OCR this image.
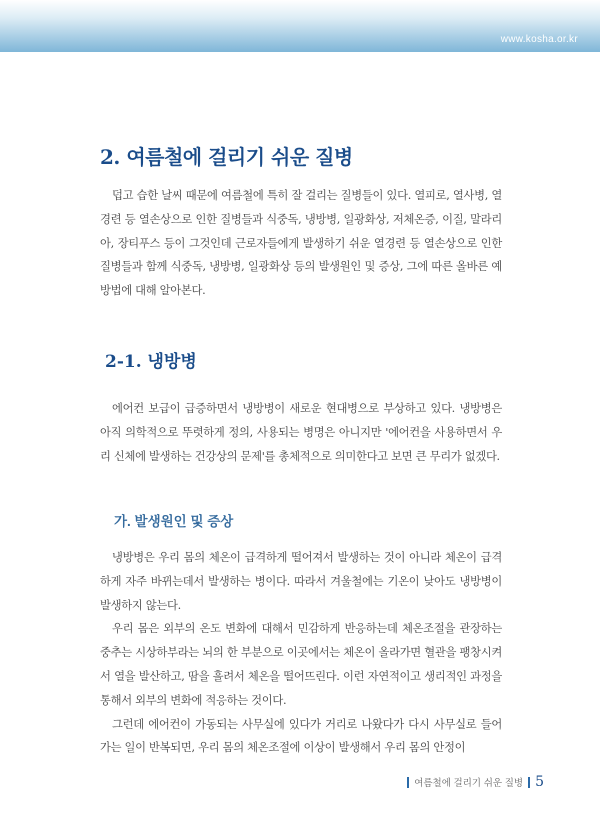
www.kosha.or.kr
2. 여름철에 걸리기 쉬운 질병

덥고 습한 날씨 때문에 여름철에 특히 잘 걸리는 질병들이 있다. 열피로, 열사병, 열경련 등 열손상으로 인한 질병들과 식중독, 냉방병, 일광화상, 저체온증, 이질, 말라리아, 장티푸스 등이 그것인데 근로자들에게 발생하기 쉬운 열경련 등 열손상으로 인한 질병들과 함께 식중독, 냉방병, 일광화상 등의 발생원인 및 증상, 그에 따른 올바른 예방법에 대해 알아본다.

2-1. 냉방병

에어컨 보급이 급증하면서 냉방병이 새로운 현대병으로 부상하고 있다. 냉방병은 아직 의학적으로 뚜렷하게 정의, 사용되는 병명은 아니지만 '에어컨을 사용하면서 우리 신체에 발생하는 건강상의 문제'를 총체적으로 의미한다고 보면 큰 무리가 없겠다.

가. 발생원인 및 증상
냉방병은 우리 몸의 체온이 급격하게 떨어져서 발생하는 것이 아니라 체온이 급격하게 자주 바뀌는데서 발생하는 병이다. 따라서 겨울철에는 기온이 낮아도 냉방병이 발생하지 않는다.
우리 몸은 외부의 온도 변화에 대해서 민감하게 반응하는데 체온조절을 관장하는 중추는 시상하부라는 뇌의 한 부분으로 이곳에서는 체온이 올라가면 혈관을 팽창시켜서 열을 발산하고, 땀을 흘려서 체온을 떨어뜨린다. 이런 자연적이고 생리적인 과정을 통해서 외부의 변화에 적응하는 것이다.
그런데 에어컨이 가동되는 사무실에 있다가 거리로 나왔다가 다시 사무실로 들어가는 일이 반복되면, 우리 몸의 체온조절에 이상이 발생해서 우리 몸의 안정이
여름철에 걸리기 쉬운 질병 5
